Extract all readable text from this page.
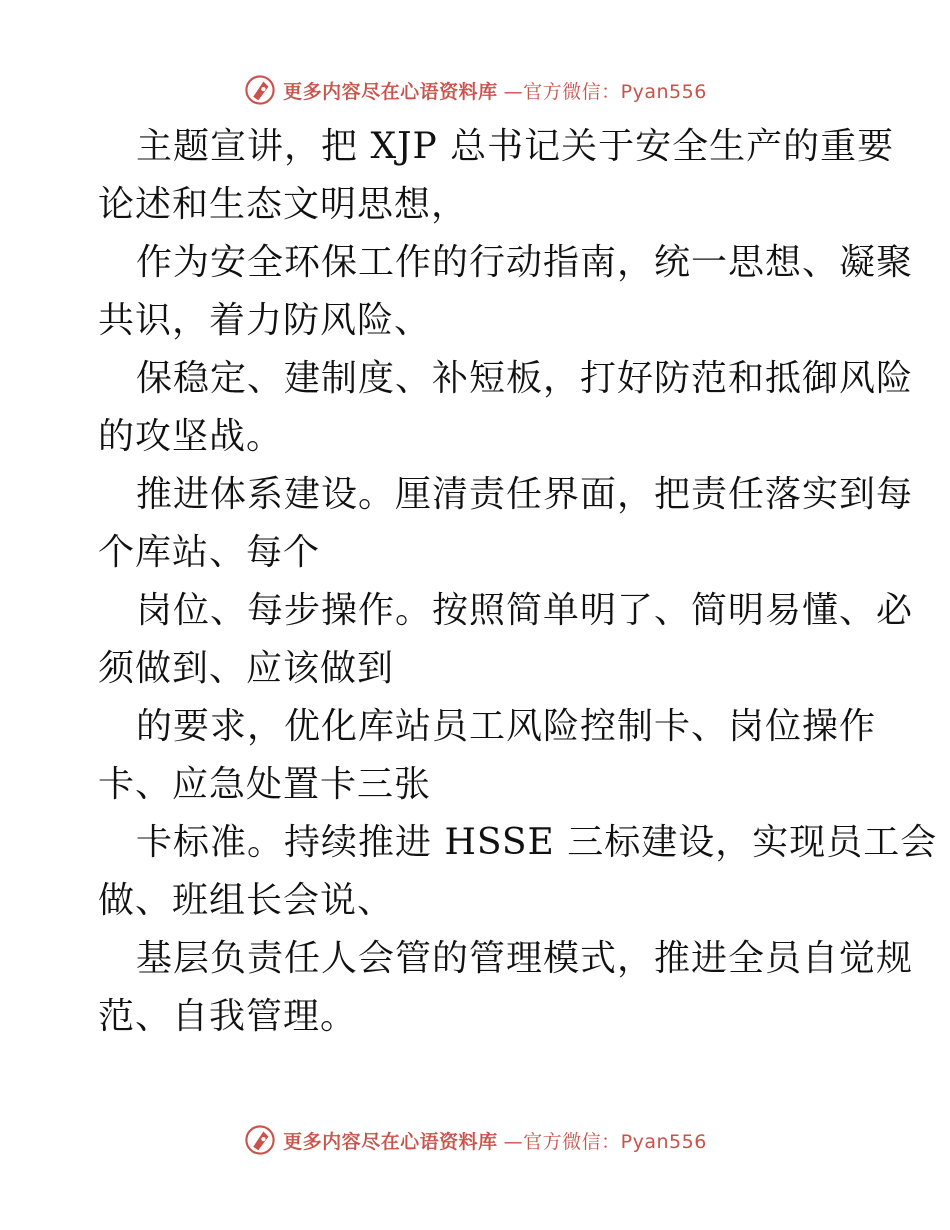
更多内容尽在心语资料库 —官方微信：Pyan556
主题宣讲，把 XJP 总书记关于安全生产的重要
论述和生态文明思想，
作为安全环保工作的行动指南，统一思想、凝聚
共识，着力防风险、
保稳定、建制度、补短板，打好防范和抵御风险
的攻坚战。
推进体系建设。厘清责任界面，把责任落实到每
个库站、每个
岗位、每步操作。按照简单明了、简明易懂、必
须做到、应该做到
的要求，优化库站员工风险控制卡、岗位操作
卡、应急处置卡三张
卡标准。持续推进 HSSE 三标建设，实现员工会
做、班组长会说、
基层负责任人会管的管理模式，推进全员自觉规
范、自我管理。
更多内容尽在心语资料库 —官方微信：Pyan556
